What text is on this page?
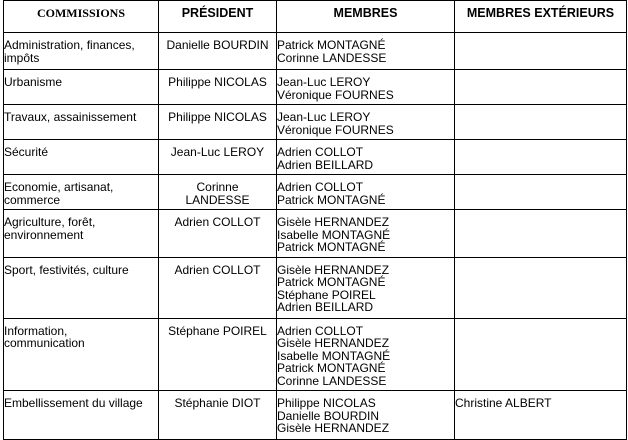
COMMISSIONS	PRÉSIDENT	MEMBRES	MEMBRES EXTÉRIEURS

Administration, finances, impôts	Danielle BOURDIN	Patrick MONTAGNÉ
Corinne LANDESSE	

Urbanisme	Philippe NICOLAS	Jean-Luc LEROY
Véronique FOURNES	

Travaux, assainissement	Philippe NICOLAS	Jean-Luc LEROY
Véronique FOURNES	

Sécurité	Jean-Luc LEROY	Adrien COLLOT
Adrien BEILLARD	

Economie, artisanat, commerce	Corinne LANDESSE	Adrien COLLOT
Patrick MONTAGNÉ	

Agriculture, forêt, environnement	Adrien COLLOT	Gisèle HERNANDEZ
Isabelle MONTAGNÉ
Patrick MONTAGNÉ	

Sport, festivités, culture	Adrien COLLOT	Gisèle HERNANDEZ
Patrick MONTAGNÉ
Stéphane POIREL
Adrien BEILLARD	

Information, communication	Stéphane POIREL	Adrien COLLOT
Gisèle HERNANDEZ
Isabelle MONTAGNÉ
Patrick MONTAGNÉ
Corinne LANDESSE	

Embellissement du village	Stéphanie DIOT	Philippe NICOLAS
Danielle BOURDIN
Gisèle HERNANDEZ	Christine ALBERT
